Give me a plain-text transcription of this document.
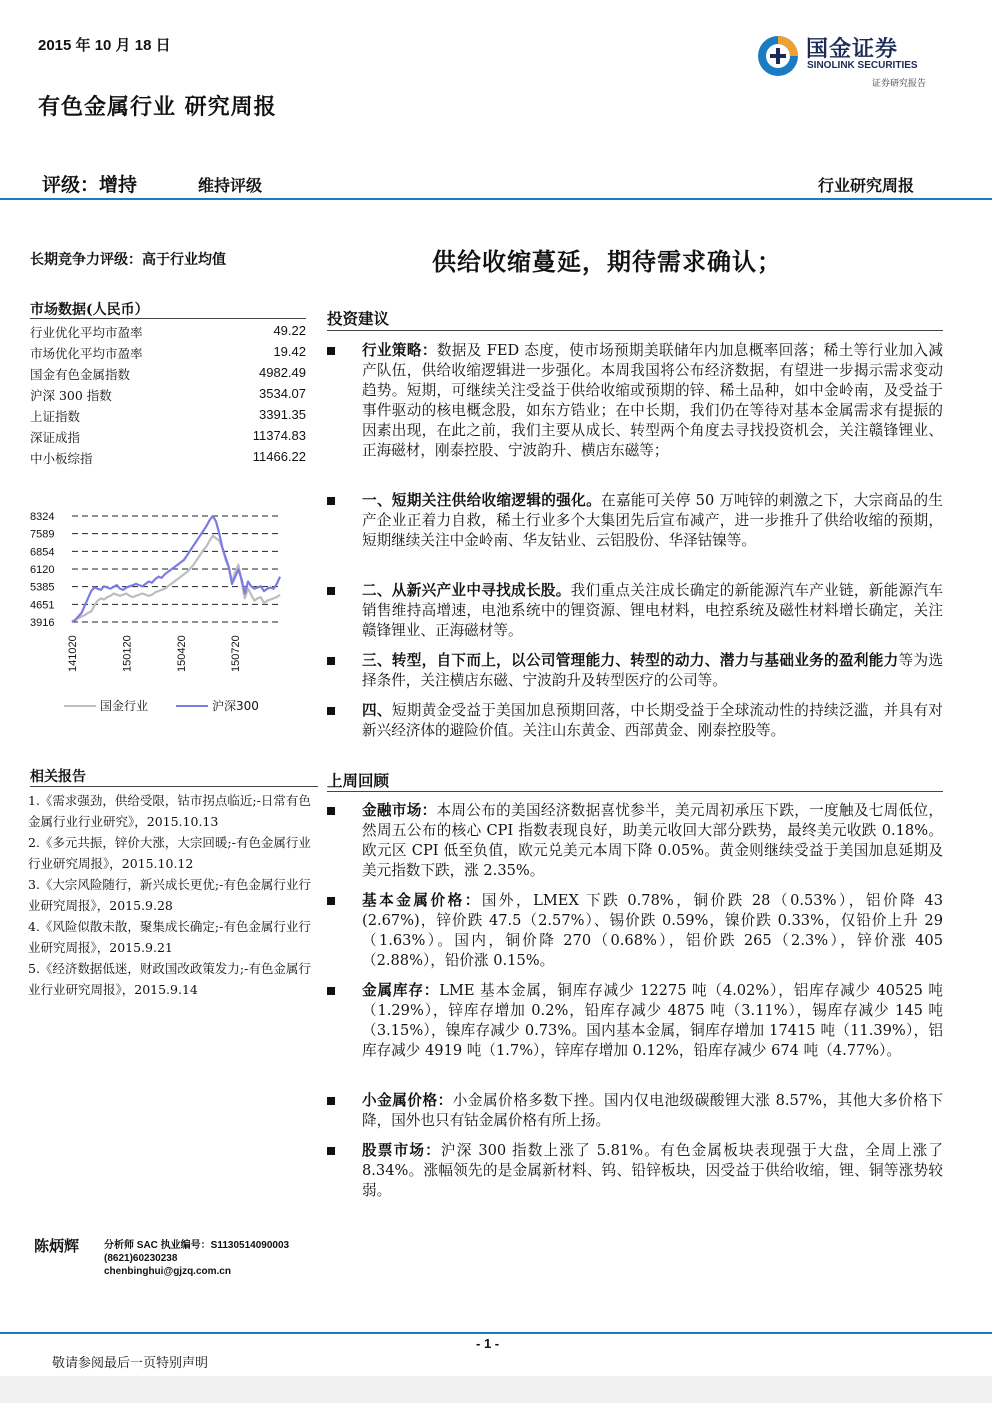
2015 年 10 月 18 日	国金证券
SINOLINK SECURITIES
证券研究报告
有色金属行业 研究周报
评级：增持	维持评级	行业研究周报
长期竞争力评级：高于行业均值	供给收缩蔓延，期待需求确认；
市场数据(人民币）
行业优化平均市盈率	49.22
市场优化平均市盈率	19.42
国金有色金属指数	4982.49
沪深 300 指数	3534.07
上证指数	3391.35
深证成指	11374.83
中小板综指	11466.22
8324
7589
6854
6120
5385
4651
3916
141020	150120	150420	150720
国金行业	沪深300
相关报告
1.《需求强劲，供给受限，钴市拐点临近;-日常有色金属行业行业研究》，2015.10.13
2.《多元共振，锌价大涨，大宗回暖;-有色金属行业行业研究周报》，2015.10.12
3.《大宗风险随行，新兴成长更优;-有色金属行业行业研究周报》，2015.9.28
4.《风险似散未散，聚集成长确定;-有色金属行业行业研究周报》，2015.9.21
5.《经济数据低迷，财政国改政策发力;-有色金属行业行业研究周报》，2015.9.14
投资建议
行业策略：数据及 FED 态度，使市场预期美联储年内加息概率回落；稀土等行业加入减产队伍，供给收缩逻辑进一步强化。本周我国将公布经济数据，有望进一步揭示需求变动趋势。短期，可继续关注受益于供给收缩或预期的锌、稀土品种，如中金岭南，及受益于事件驱动的核电概念股，如东方锆业；在中长期，我们仍在等待对基本金属需求有提振的因素出现，在此之前，我们主要从成长、转型两个角度去寻找投资机会，关注赣锋锂业、正海磁材，刚泰控股、宁波韵升、横店东磁等；
一、短期关注供给收缩逻辑的强化。在嘉能可关停 50 万吨锌的刺激之下，大宗商品的生产企业正着力自救，稀土行业多个大集团先后宣布减产，进一步推升了供给收缩的预期，短期继续关注中金岭南、华友钴业、云铝股份、华泽钴镍等。
二、从新兴产业中寻找成长股。我们重点关注成长确定的新能源汽车产业链，新能源汽车销售维持高增速，电池系统中的锂资源、锂电材料，电控系统及磁性材料增长确定，关注赣锋锂业、正海磁材等。
三、转型，自下而上，以公司管理能力、转型的动力、潜力与基础业务的盈利能力等为选择条件，关注横店东磁、宁波韵升及转型医疗的公司等。
四、短期黄金受益于美国加息预期回落，中长期受益于全球流动性的持续泛滥，并具有对新兴经济体的避险价值。关注山东黄金、西部黄金、刚泰控股等。
上周回顾
金融市场：本周公布的美国经济数据喜忧参半，美元周初承压下跌，一度触及七周低位，然周五公布的核心 CPI 指数表现良好，助美元收回大部分跌势，最终美元收跌 0.18%。欧元区 CPI 低至负值，欧元兑美元本周下降 0.05%。黄金则继续受益于美国加息延期及美元指数下跌，涨 2.35%。
基本金属价格：国外，LMEX 下跌 0.78%，铜价跌 28（0.53%），铝价降 43 (2.67%)，锌价跌 47.5（2.57%）、锡价跌 0.59%，镍价跌 0.33%，仅铅价上升 29（1.63%）。国内，铜价降 270（0.68%），铝价跌 265（2.3%），锌价涨 405（2.88%），铅价涨 0.15%。
金属库存：LME 基本金属，铜库存减少 12275 吨（4.02%），铝库存减少 40525 吨（1.29%），锌库存增加 0.2%，铅库存减少 4875 吨（3.11%），锡库存减少 145 吨（3.15%），镍库存减少 0.73%。国内基本金属，铜库存增加 17415 吨（11.39%），铝库存减少 4919 吨（1.7%），锌库存增加 0.12%，铅库存减少 674 吨（4.77%）。
小金属价格：小金属价格多数下挫。国内仅电池级碳酸锂大涨 8.57%，其他大多价格下降，国外也只有钴金属价格有所上扬。
股票市场：沪深 300 指数上涨了 5.81%。有色金属板块表现强于大盘，全周上涨了 8.34%。涨幅领先的是金属新材料、钨、铅锌板块，因受益于供给收缩，锂、铜等涨势较弱。
陈炳辉 分析师 SAC 执业编号：S1130514090003
(8621)60230238
chenbinghui@gjzq.com.cn
- 1 -
敬请参阅最后一页特别声明
